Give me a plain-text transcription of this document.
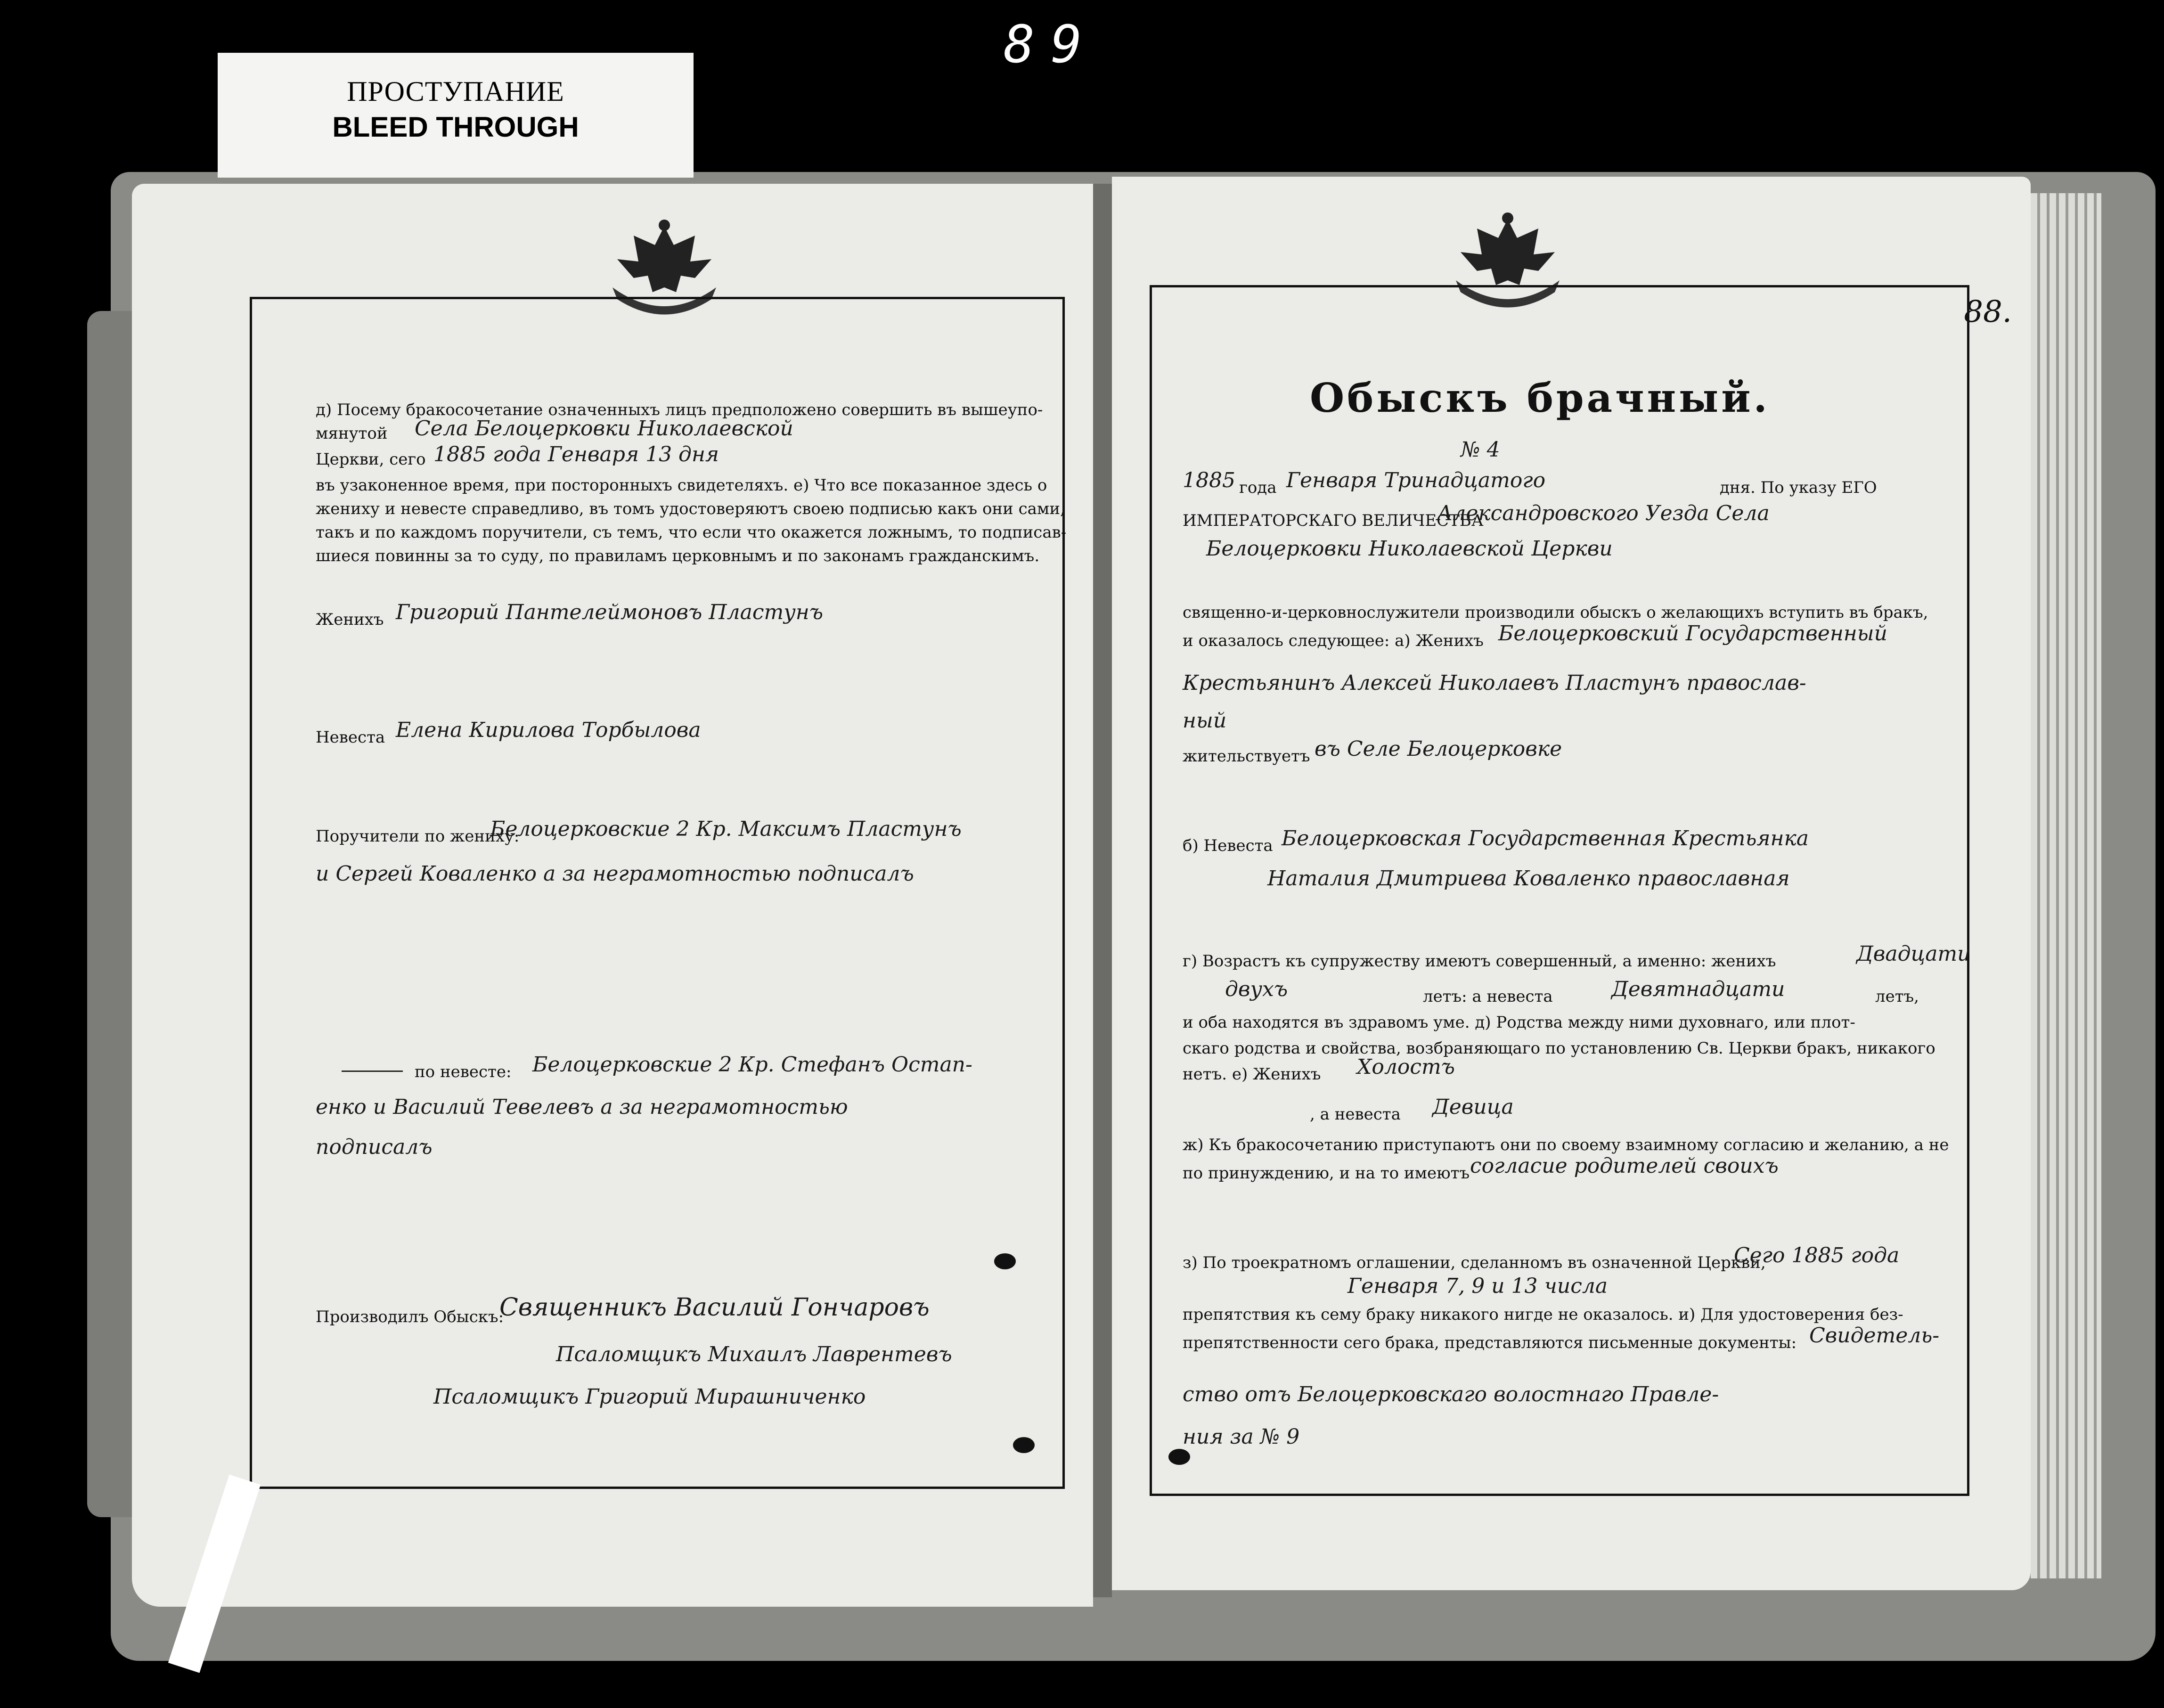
89
ПРОСТУПАНИЕ
BLEED THROUGH
д) Посему бракосочетание означенныхъ лицъ предположено совершить въ вышеупо-
мянутой Села Белоцерковки Николаевской
Церкви, сего 1885 года Генваря 13 дня
въ узаконенное время, при посторонныхъ свидетеляхъ. е) Что все показанное здесь о
жениху и невесте справедливо, въ томъ удостоверяютъ своею подписью какъ они сами,
такъ и по каждомъ поручители, съ темъ, что если что окажется ложнымъ, то подписав-
шиеся повинны за то суду, по правиламъ церковнымъ и по законамъ гражданскимъ.
Женихъ Григорий Пантелеймоновъ Пластунъ
Невеста Елена Кирилова Торбылова
Поручители по жениху:
Белоцерковские 2 Кр. Максимъ Пластунъ
и Сергей Коваленко а за неграмотностью подписалъ
по невесте: Белоцерковские 2 Кр. Стефанъ Остап-
енко и Василий Тевелевъ а за неграмотностью
подписалъ
Производилъ Обыскъ:
Священникъ Василий Гончаровъ
Псаломщикъ Михаилъ Лаврентевъ
Псаломщикъ Григорий Мирашниченко
88.
Обыскъ брачный.
№ 4
1885 года Генваря Тринадцатого	дня. По указу ЕГО
ИМПЕРАТОРСКАГО ВЕЛИЧЕСТВА
Александровского Уезда Села
Белоцерковки Николаевской Церкви
священно-и-церковнослужители производили обыскъ о желающихъ вступить въ бракъ,
и оказалось следующее: а) Женихъ Белоцерковский Государственный
Крестьянинъ Алексей Николаевъ Пластунъ православ-
ный
жительствуетъ въ Селе Белоцерковке
б) Невеста Белоцерковская Государственная Крестьянка
Наталия Дмитриева Коваленко православная
г) Возрастъ къ супружеству имеютъ совершенный, а именно: женихъ	Двадцати
двухъ	летъ: а невеста	Девятнадцати	летъ,
и оба находятся въ здравомъ уме. д) Родства между ними духовнаго, или плот-
скаго родства и свойства, возбраняющаго по установлению Св. Церкви бракъ, никакого
нетъ. е) Женихъ Холостъ
, а невеста Девица
ж) Къ бракосочетанию приступаютъ они по своему взаимному согласию и желанию, а не
по принуждению, и на то имеютъ согласие родителей своихъ
з) По троекратномъ оглашении, сделанномъ въ означенной Церкви,
Сего 1885 года
Генваря 7, 9 и 13 числа
препятствия къ сему браку никакого нигде не оказалось. и) Для удостоверения без-
препятственности сего брака, представляются письменные документы: Свидетель-
ство отъ Белоцерковскаго волостнаго Правле-
ния за № 9
